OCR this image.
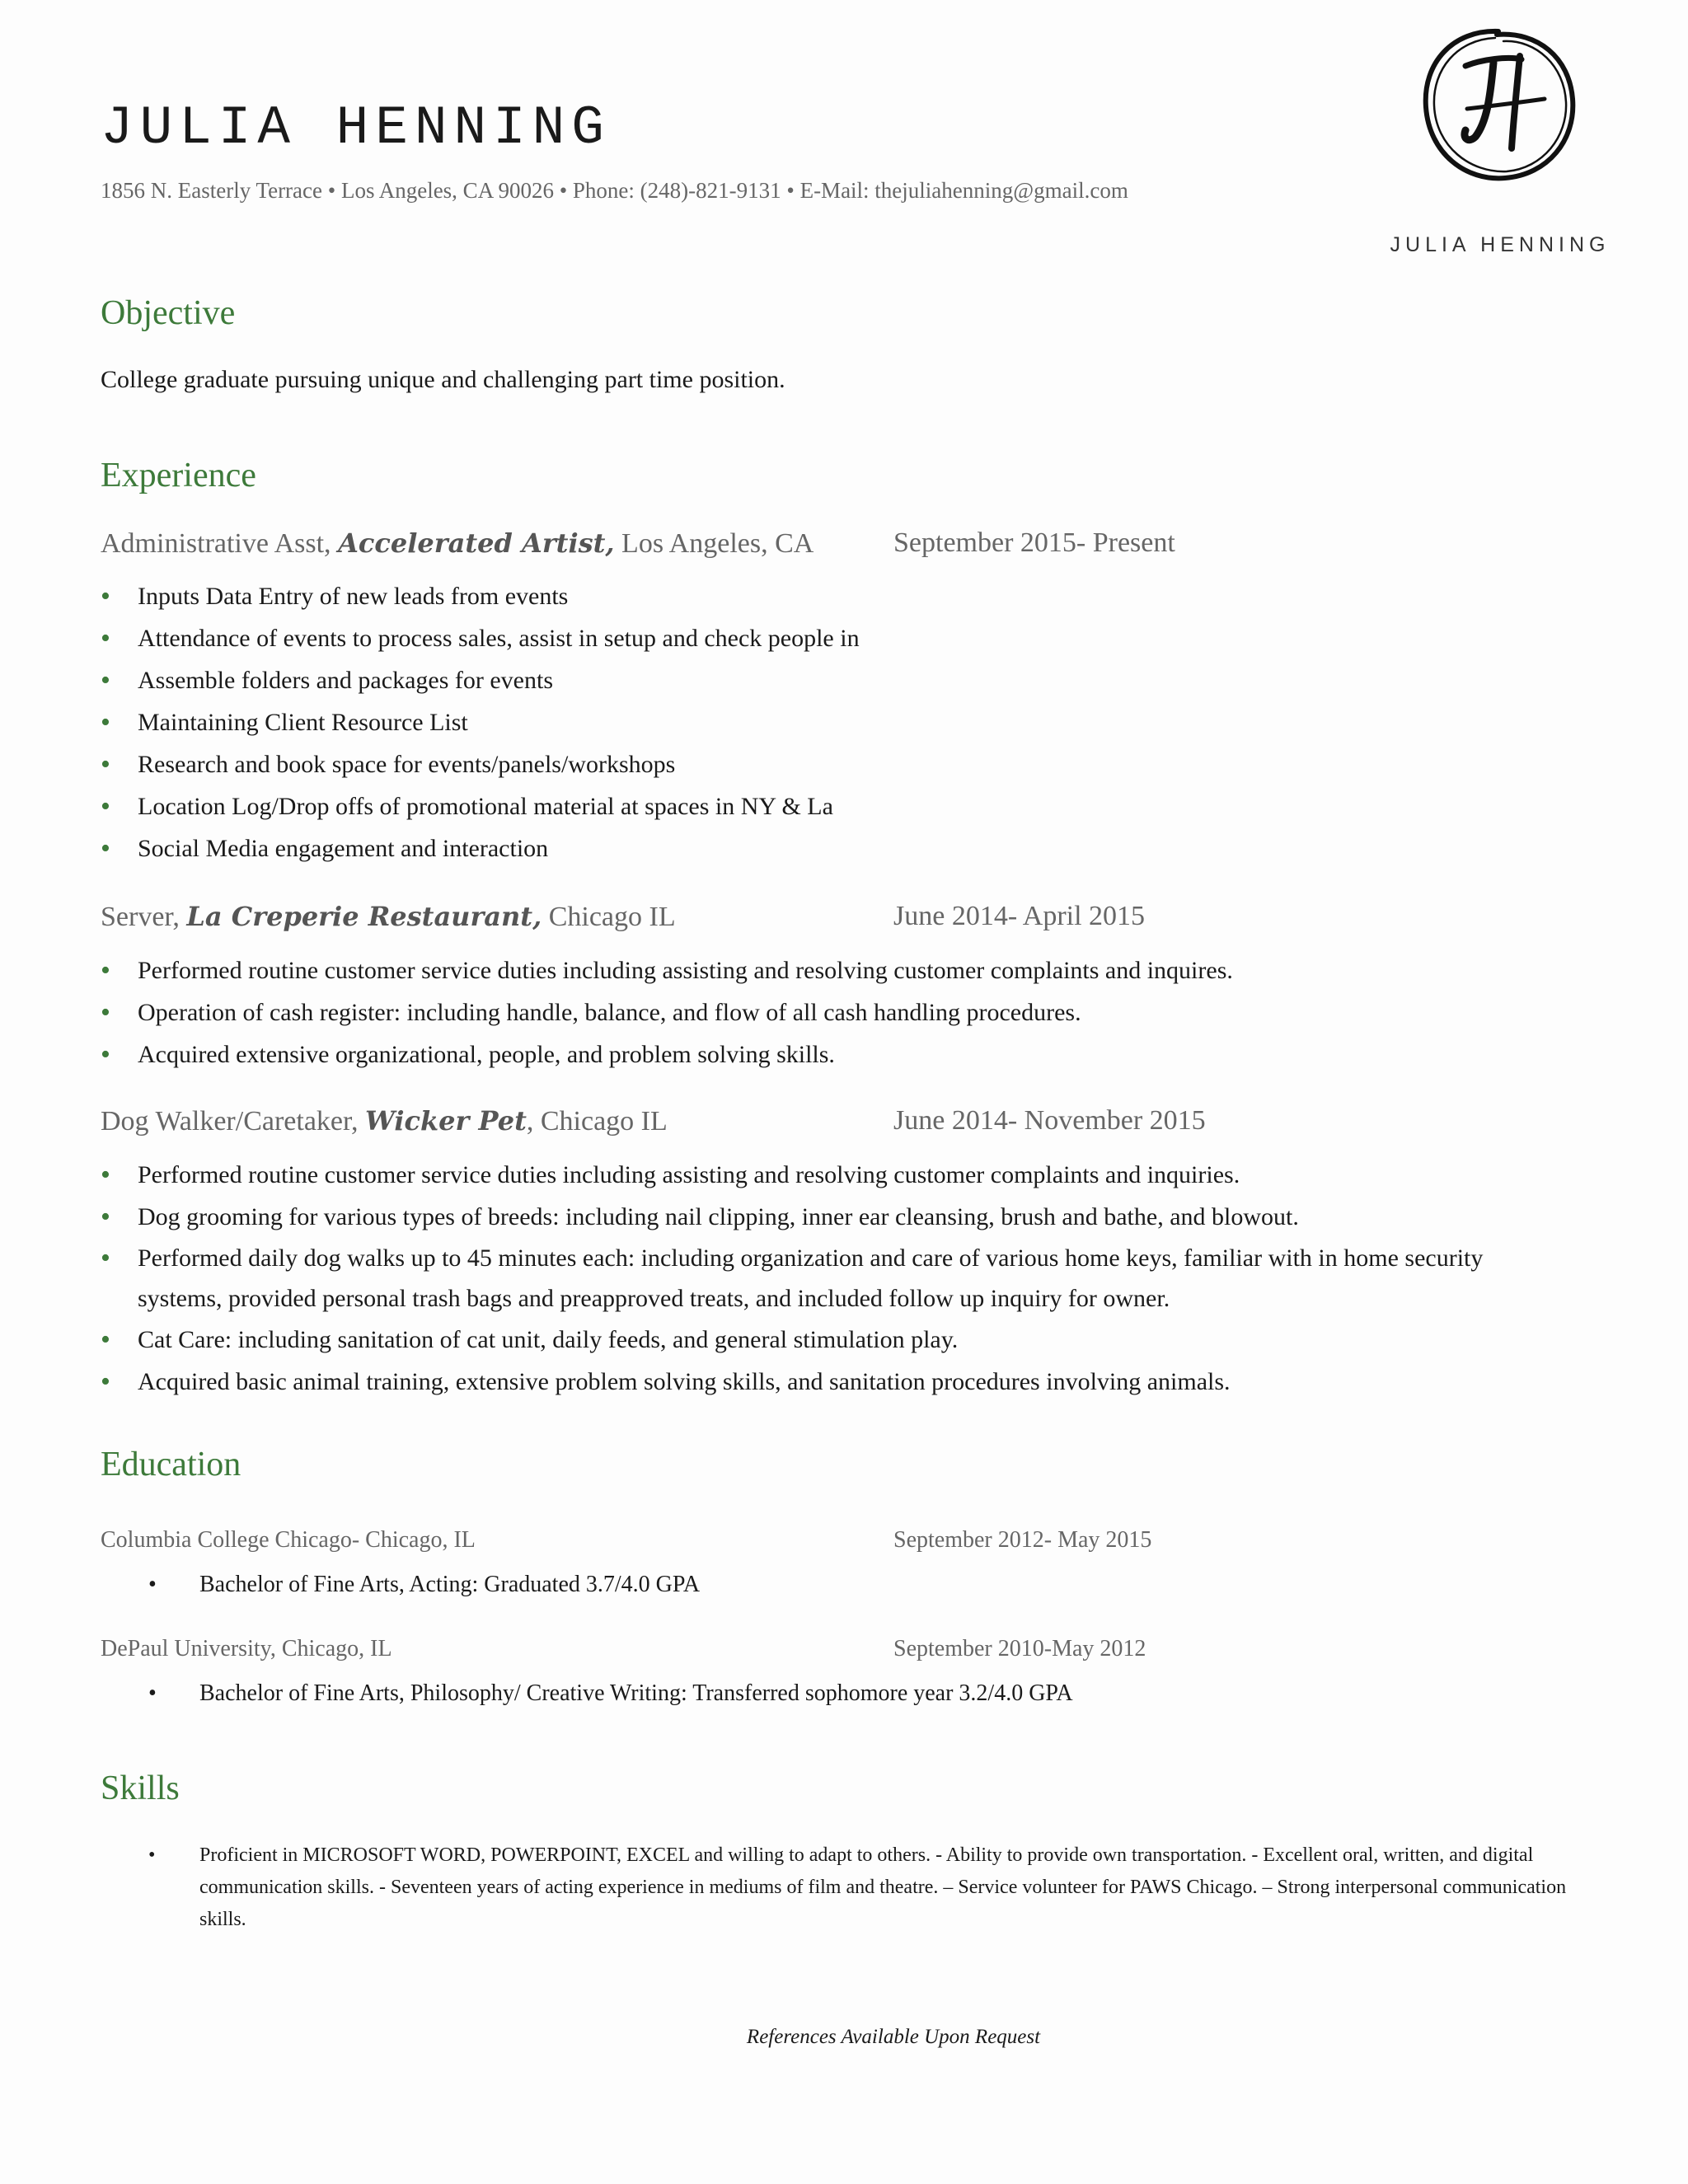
JULIA HENNING
1856 N. Easterly Terrace • Los Angeles, CA 90026 • Phone: (248)-821-9131 • E-Mail: thejuliahenning@gmail.com
JULIA HENNING
Objective
College graduate pursuing unique and challenging part time position.
Experience
Administrative Asst, Accelerated Artist, Los Angeles, CA	September 2015- Present
• Inputs Data Entry of new leads from events
• Attendance of events to process sales, assist in setup and check people in
• Assemble folders and packages for events
• Maintaining Client Resource List
• Research and book space for events/panels/workshops
• Location Log/Drop offs of promotional material at spaces in NY & La
• Social Media engagement and interaction
Server, La Creperie Restaurant, Chicago IL	June 2014- April 2015
• Performed routine customer service duties including assisting and resolving customer complaints and inquires.
• Operation of cash register: including handle, balance, and flow of all cash handling procedures.
• Acquired extensive organizational, people, and problem solving skills.
Dog Walker/Caretaker, Wicker Pet, Chicago IL	June 2014- November 2015
• Performed routine customer service duties including assisting and resolving customer complaints and inquiries.
• Dog grooming for various types of breeds: including nail clipping, inner ear cleansing, brush and bathe, and blowout.
• Performed daily dog walks up to 45 minutes each: including organization and care of various home keys, familiar with in home security systems, provided personal trash bags and preapproved treats, and included follow up inquiry for owner.
• Cat Care: including sanitation of cat unit, daily feeds, and general stimulation play.
• Acquired basic animal training, extensive problem solving skills, and sanitation procedures involving animals.
Education
Columbia College Chicago- Chicago, IL	September 2012- May 2015
• Bachelor of Fine Arts, Acting: Graduated 3.7/4.0 GPA
DePaul University, Chicago, IL	September 2010-May 2012
• Bachelor of Fine Arts, Philosophy/ Creative Writing: Transferred sophomore year 3.2/4.0 GPA
Skills
•	Proficient in MICROSOFT WORD, POWERPOINT, EXCEL and willing to adapt to others. - Ability to provide own transportation. - Excellent oral, written, and digital communication skills. - Seventeen years of acting experience in mediums of film and theatre. – Service volunteer for PAWS Chicago. – Strong interpersonal communication skills.
References Available Upon Request
